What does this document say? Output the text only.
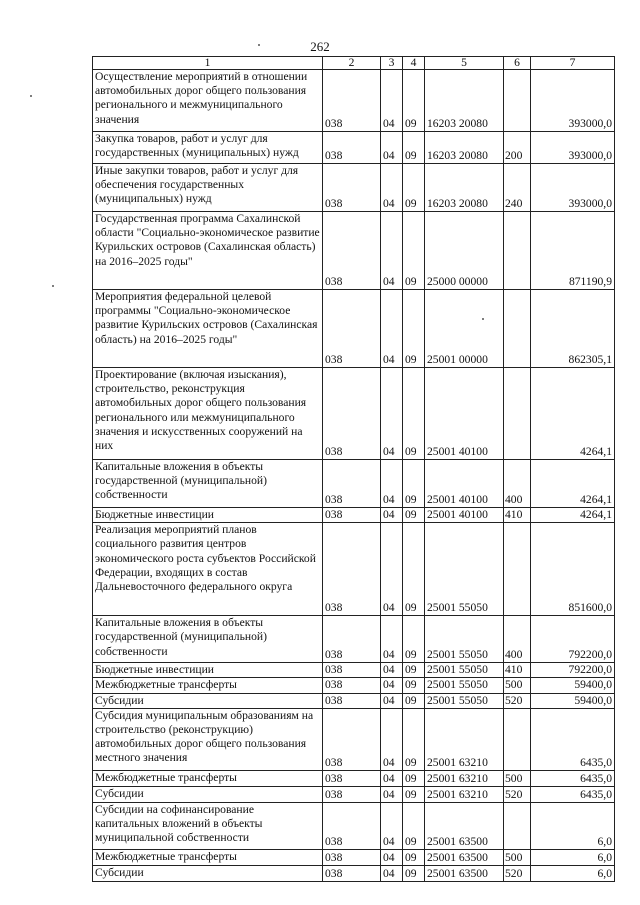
262
1	2	3	4	5	6	7
Осуществление мероприятий в отношении автомобильных дорог общего пользования регионального и межмуниципального значения	038	04	09	16203 20080		393000,0
Закупка товаров, работ и услуг для государственных (муниципальных) нужд	038	04	09	16203 20080	200	393000,0
Иные закупки товаров, работ и услуг для обеспечения государственных (муниципальных) нужд	038	04	09	16203 20080	240	393000,0
Государственная программа Сахалинской области "Социально-экономическое развитие Курильских островов (Сахалинская область) на 2016–2025 годы"	038	04	09	25000 00000		871190,9
Мероприятия федеральной целевой программы "Социально-экономическое развитие Курильских островов (Сахалинская область) на 2016–2025 годы"	038	04	09	25001 00000		862305,1
Проектирование (включая изыскания), строительство, реконструкция автомобильных дорог общего пользования регионального или межмуниципального значения и искусственных сооружений на них	038	04	09	25001 40100		4264,1
Капитальные вложения в объекты государственной (муниципальной) собственности	038	04	09	25001 40100	400	4264,1
Бюджетные инвестиции	038	04	09	25001 40100	410	4264,1
Реализация мероприятий планов социального развития центров экономического роста субъектов Российской Федерации, входящих в состав Дальневосточного федерального округа	038	04	09	25001 55050		851600,0
Капитальные вложения в объекты государственной (муниципальной) собственности	038	04	09	25001 55050	400	792200,0
Бюджетные инвестиции	038	04	09	25001 55050	410	792200,0
Межбюджетные трансферты	038	04	09	25001 55050	500	59400,0
Субсидии	038	04	09	25001 55050	520	59400,0
Субсидия муниципальным образованиям на строительство (реконструкцию) автомобильных дорог общего пользования местного значения	038	04	09	25001 63210		6435,0
Межбюджетные трансферты	038	04	09	25001 63210	500	6435,0
Субсидии	038	04	09	25001 63210	520	6435,0
Субсидии на софинансирование капитальных вложений в объекты муниципальной собственности	038	04	09	25001 63500		6,0
Межбюджетные трансферты	038	04	09	25001 63500	500	6,0
Субсидии	038	04	09	25001 63500	520	6,0
